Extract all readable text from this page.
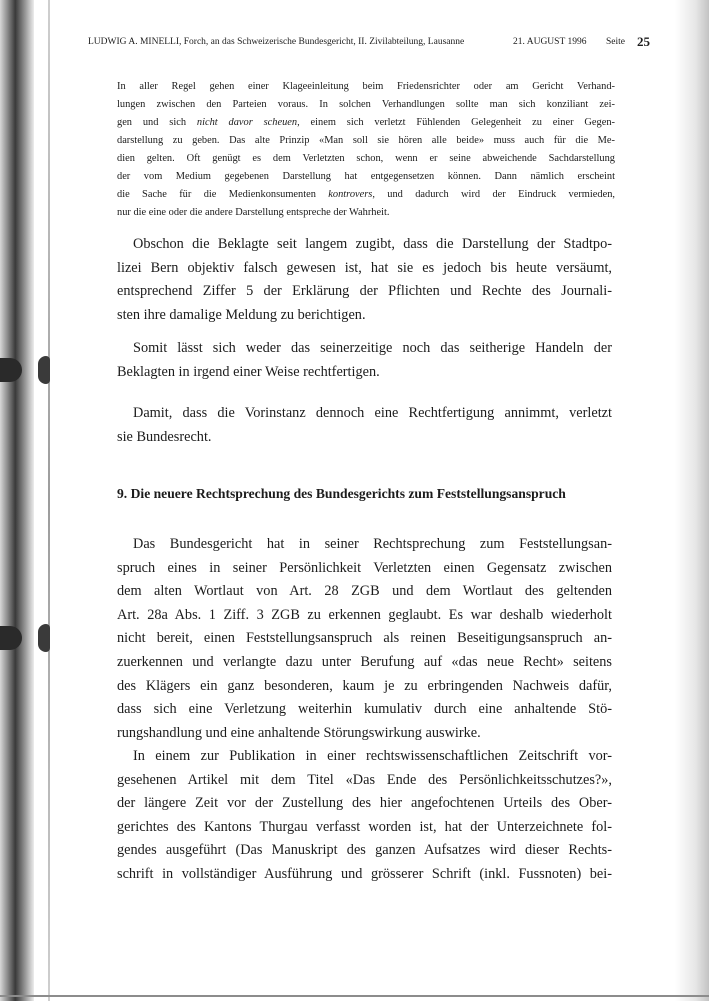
LUDWIG A. MINELLI, Forch, an das Schweizerische Bundesgericht, II. Zivilabteilung, Lausanne	21. AUGUST 1996 Seite 25
In aller Regel gehen einer Klageeinleitung beim Friedensrichter oder am Gericht Verhand-
lungen zwischen den Parteien voraus. In solchen Verhandlungen sollte man sich konziliant zei-
gen und sich nicht davor scheuen, einem sich verletzt Fühlenden Gelegenheit zu einer Gegen-
darstellung zu geben. Das alte Prinzip «Man soll sie hören alle beide» muss auch für die Me-
dien gelten. Oft genügt es dem Verletzten schon, wenn er seine abweichende Sachdarstellung
der vom Medium gegebenen Darstellung hat entgegensetzen können. Dann nämlich erscheint
die Sache für die Medienkonsumenten kontrovers, und dadurch wird der Eindruck vermieden,
nur die eine oder die andere Darstellung entspreche der Wahrheit.
Obschon die Beklagte seit langem zugibt, dass die Darstellung der Stadtpo-
lizei Bern objektiv falsch gewesen ist, hat sie es jedoch bis heute versäumt,
entsprechend Ziffer 5 der Erklärung der Pflichten und Rechte des Journali-
sten ihre damalige Meldung zu berichtigen.
Somit lässt sich weder das seinerzeitige noch das seitherige Handeln der
Beklagten in irgend einer Weise rechtfertigen.
Damit, dass die Vorinstanz dennoch eine Rechtfertigung annimmt, verletzt
sie Bundesrecht.
9. Die neuere Rechtsprechung des Bundesgerichts zum Feststellungsanspruch
Das Bundesgericht hat in seiner Rechtsprechung zum Feststellungsan-
spruch eines in seiner Persönlichkeit Verletzten einen Gegensatz zwischen
dem alten Wortlaut von Art. 28 ZGB und dem Wortlaut des geltenden
Art. 28a Abs. 1 Ziff. 3 ZGB zu erkennen geglaubt. Es war deshalb wiederholt
nicht bereit, einen Feststellungsanspruch als reinen Beseitigungsanspruch an-
zuerkennen und verlangte dazu unter Berufung auf «das neue Recht» seitens
des Klägers ein ganz besonderen, kaum je zu erbringenden Nachweis dafür,
dass sich eine Verletzung weiterhin kumulativ durch eine anhaltende Stö-
rungshandlung und eine anhaltende Störungswirkung auswirke.
In einem zur Publikation in einer rechtswissenschaftlichen Zeitschrift vor-
gesehenen Artikel mit dem Titel «Das Ende des Persönlichkeitsschutzes?»,
der längere Zeit vor der Zustellung des hier angefochtenen Urteils des Ober-
gerichtes des Kantons Thurgau verfasst worden ist, hat der Unterzeichnete fol-
gendes ausgeführt (Das Manuskript des ganzen Aufsatzes wird dieser Rechts-
schrift in vollständiger Ausführung und grösserer Schrift (inkl. Fussnoten) bei-
